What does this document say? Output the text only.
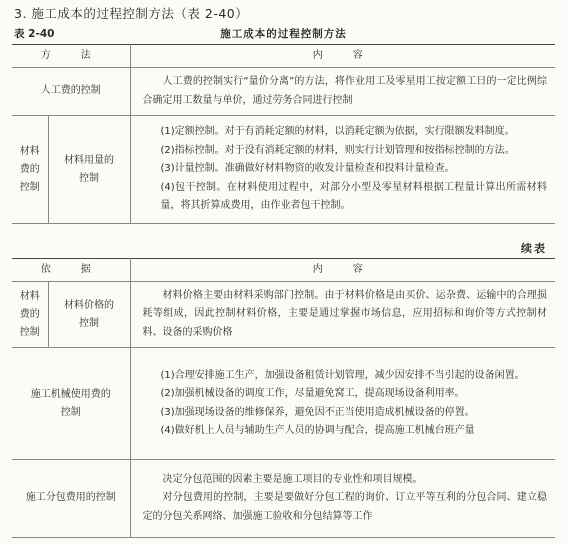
3. 施工成本的过程控制方法（表 2-40）
表 2-40	施工成本的过程控制方法
方　法		内　容
人工费的控制		人工费的控制实行“量价分离”的方法，将作业用工及零星用工按定额工日的一定比例综合确定用工数量与单价，通过劳务合同进行控制

材料费的控制	材料用量的控制	(1)定额控制。对于有消耗定额的材料，以消耗定额为依据，实行限额发料制度。

(2)指标控制。对于没有消耗定额的材料，则实行计划管理和按指标控制的方法。

(3)计量控制。准确做好材料物资的收发计量检查和投料计量检查。

(4)包干控制。在材料使用过程中，对部分小型及零星材料根据工程量计算出所需材料量，将其折算成费用，由作业者包干控制。

续表
依　据		内　容
材料费的控制	材料价格的控制	材料价格主要由材料采购部门控制。由于材料价格是由买价、运杂费、运输中的合理损耗等组成，因此控制材料价格，主要是通过掌握市场信息，应用招标和询价等方式控制材料、设备的采购价格

施工机械使用费的控制		(1)合理安排施工生产，加强设备租赁计划管理，减少因安排不当引起的设备闲置。

(2)加强机械设备的调度工作，尽量避免窝工，提高现场设备利用率。

(3)加强现场设备的维修保养，避免因不正当使用造成机械设备的停置。

(4)做好机上人员与辅助生产人员的协调与配合，提高施工机械台班产量

施工分包费用的控制		决定分包范围的因素主要是施工项目的专业性和项目规模。

对分包费用的控制，主要是要做好分包工程的询价、订立平等互利的分包合同、建立稳定的分包关系网络、加强施工验收和分包结算等工作
